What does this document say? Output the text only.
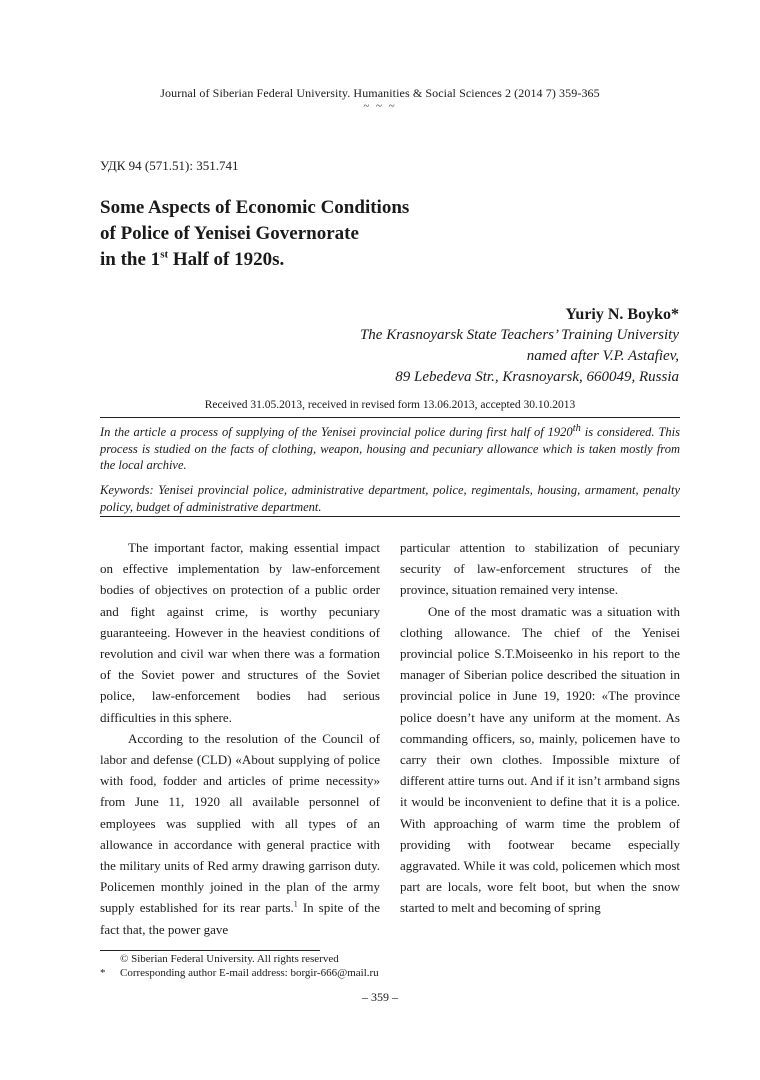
Journal of Siberian Federal University. Humanities & Social Sciences 2 (2014 7) 359-365
~ ~ ~
УДК 94 (571.51): 351.741
Some Aspects of Economic Conditions
of Police of Yenisei Governorate
in the 1st Half of 1920s.
Yuriy N. Boyko*
The Krasnoyarsk State Teachers’ Training University
named after V.P. Astafiev,
89 Lebedeva Str., Krasnoyarsk, 660049, Russia
Received 31.05.2013, received in revised form 13.06.2013, accepted 30.10.2013
In the article a process of supplying of the Yenisei provincial police during first half of 1920th is considered. This process is studied on the facts of clothing, weapon, housing and pecuniary allowance which is taken mostly from the local archive.
Keywords: Yenisei provincial police, administrative department, police, regimentals, housing, armament, penalty policy, budget of administrative department.

The important factor, making essential impact on effective implementation by law-enforcement bodies of objectives on protection of a public order and fight against crime, is worthy pecuniary guaranteeing. However in the heaviest conditions of revolution and civil war when there was a formation of the Soviet power and structures of the Soviet police, law-enforcement bodies had serious difficulties in this sphere.

According to the resolution of the Council of labor and defense (CLD) «About supplying of police with food, fodder and articles of prime necessity» from June 11, 1920 all available personnel of employees was supplied with all types of an allowance in accordance with general practice with the military units of Red army drawing garrison duty. Policemen monthly joined in the plan of the army supply established for its rear parts.$^1$ In spite of the fact that, the power gave

particular attention to stabilization of pecuniary security of law-enforcement structures of the province, situation remained very intense.

One of the most dramatic was a situation with clothing allowance. The chief of the Yenisei provincial police S.T.Moiseenko in his report to the manager of Siberian police described the situation in provincial police in June 19, 1920: «The province police doesn’t have any uniform at the moment. As commanding officers, so, mainly, policemen have to carry their own clothes. Impossible mixture of different attire turns out. And if it isn’t armband signs it would be inconvenient to define that it is a police. With approaching of warm time the problem of providing with footwear became especially aggravated. While it was cold, policemen which most part are locals, wore felt boot, but when the snow started to melt and becoming of spring

© Siberian Federal University. All rights reserved
*	Corresponding author E-mail address: borgir-666@mail.ru
– 359 –
